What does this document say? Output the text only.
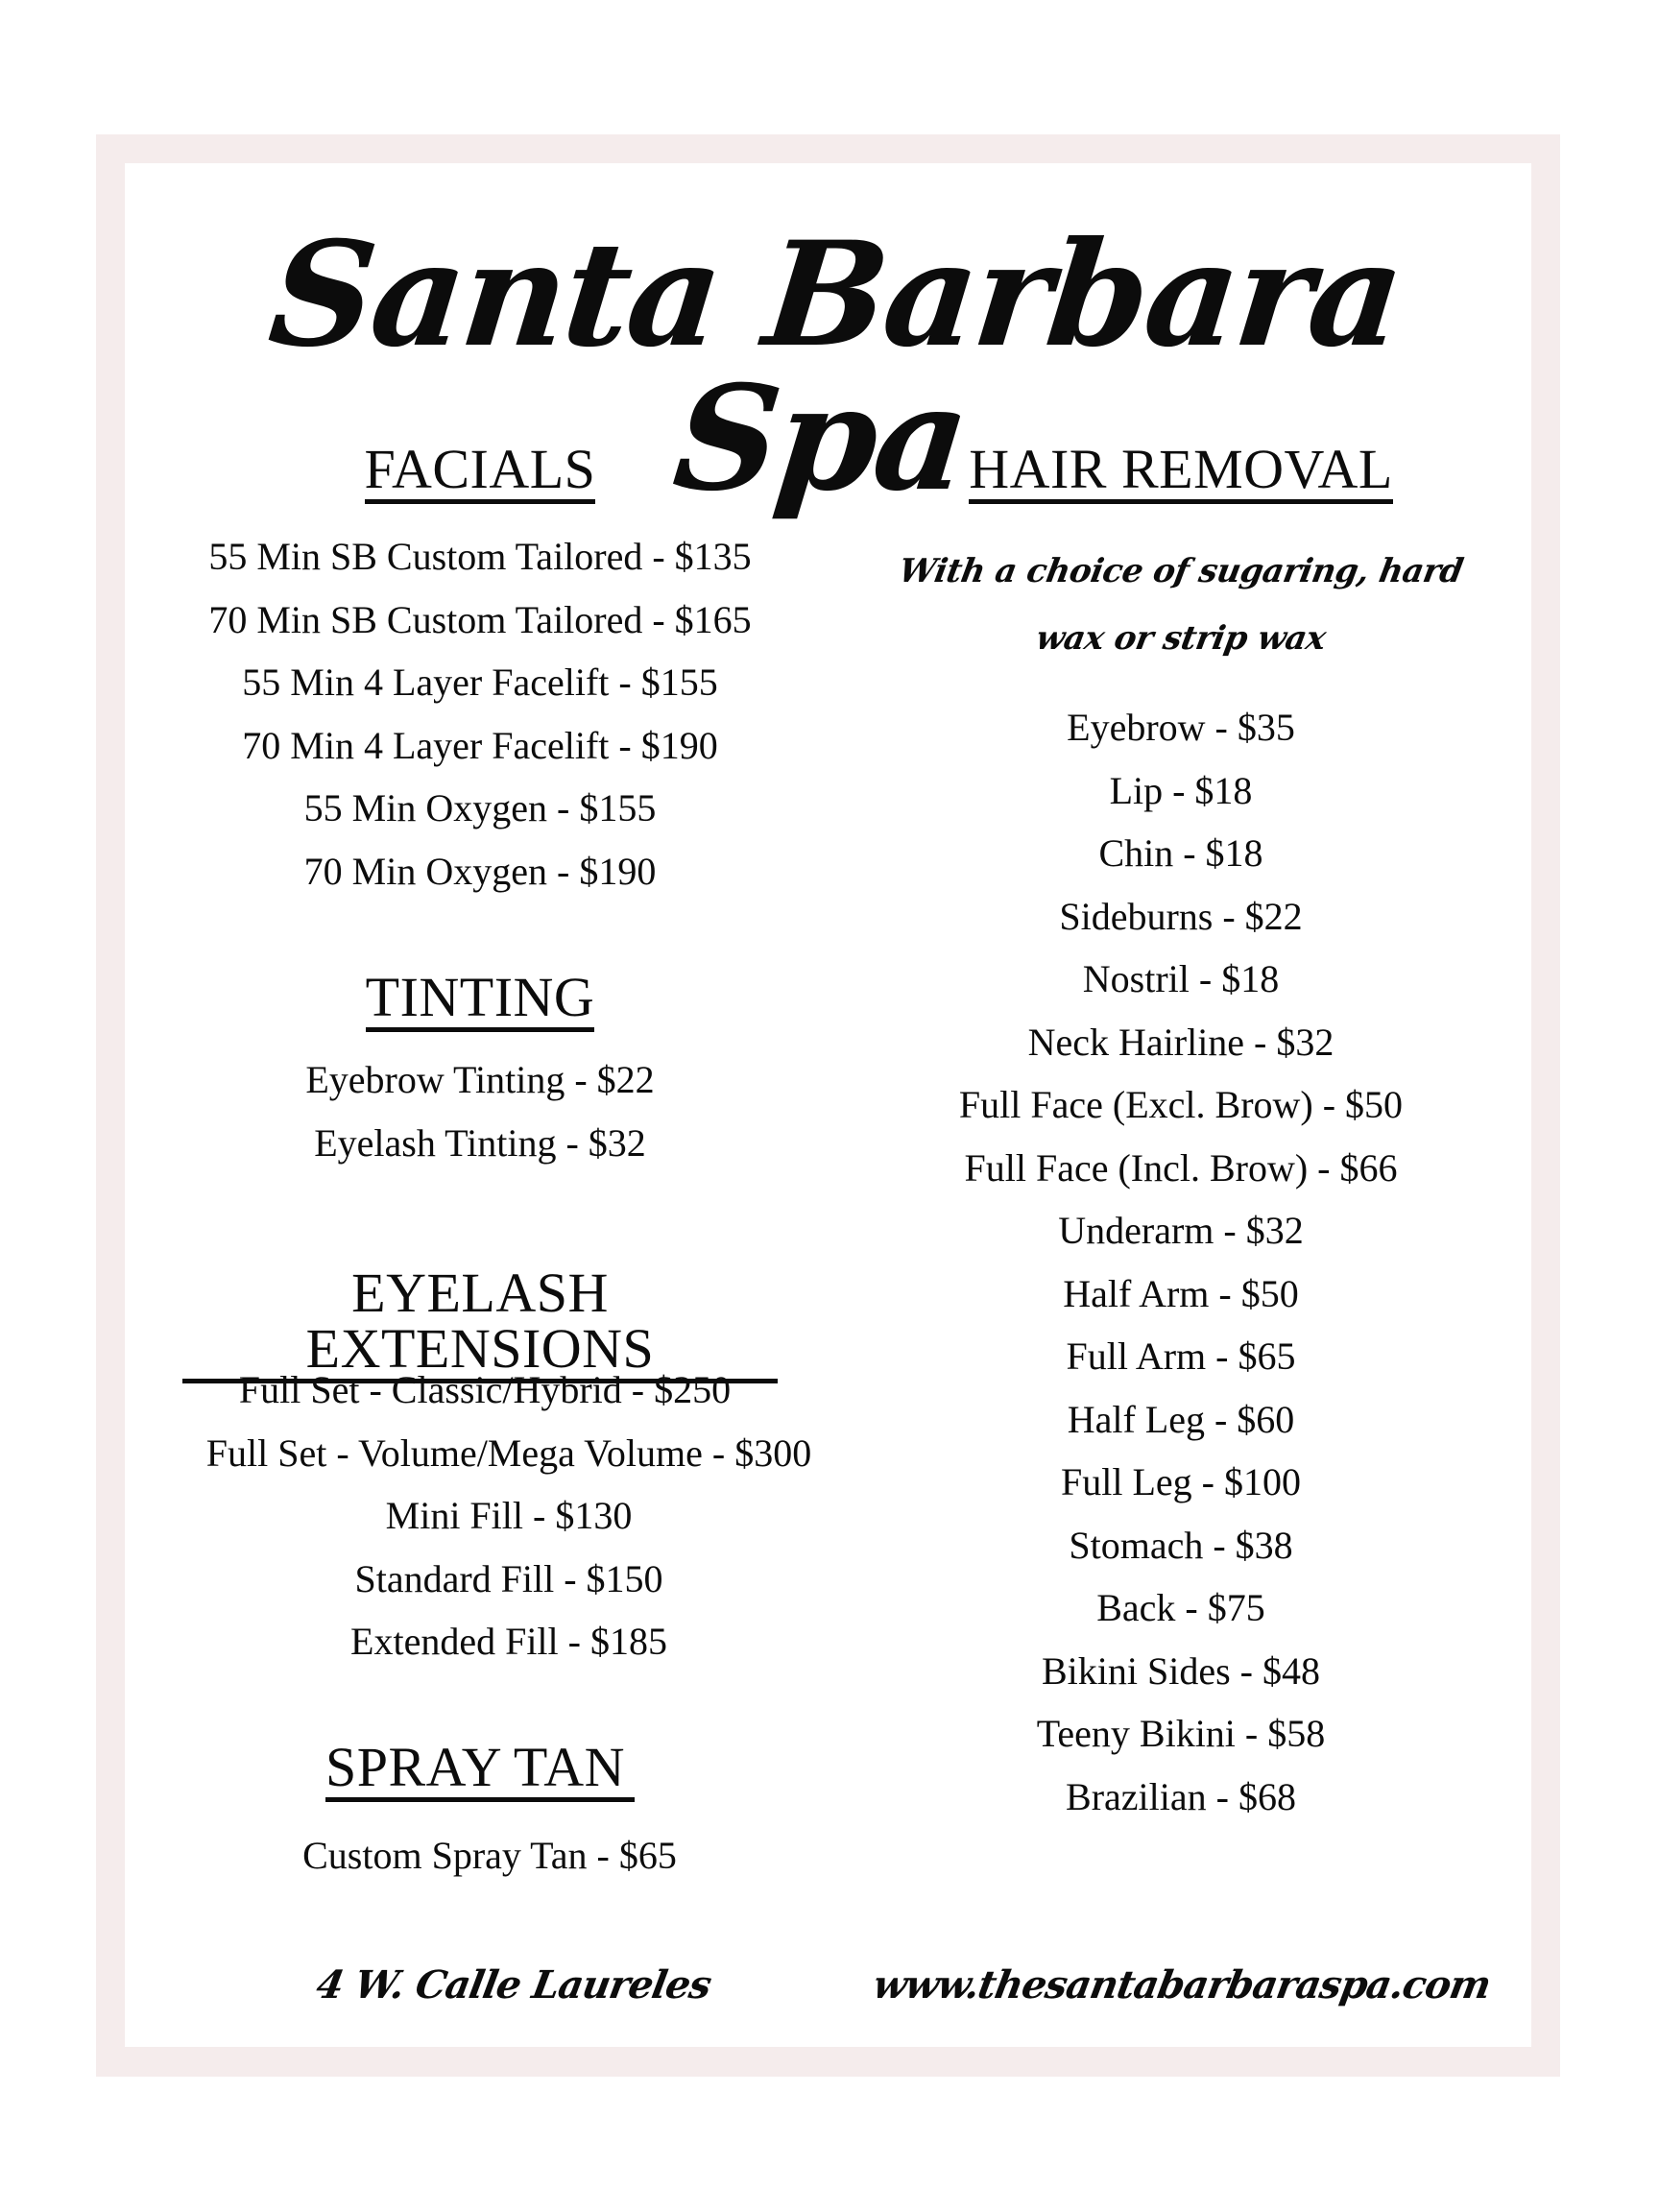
Santa Barbara Spa
FACIALS
55 Min SB Custom Tailored - $135
70 Min SB Custom Tailored - $165
55 Min 4 Layer Facelift - $155
70 Min 4 Layer Facelift - $190
55 Min Oxygen - $155
70 Min Oxygen - $190
TINTING
Eyebrow Tinting - $22
Eyelash Tinting - $32
EYELASH EXTENSIONS
Full Set - Classic/Hybrid - $250
Full Set - Volume/Mega Volume - $300
Mini Fill - $130
Standard Fill - $150
Extended Fill - $185
SPRAY TAN
Custom Spray Tan - $65
HAIR REMOVAL
With a choice of sugaring, hard
wax or strip wax
Eyebrow - $35
Lip - $18
Chin - $18
Sideburns - $22
Nostril - $18
Neck Hairline - $32
Full Face (Excl. Brow) - $50
Full Face (Incl. Brow) - $66
Underarm - $32
Half Arm - $50
Full Arm - $65
Half Leg - $60
Full Leg - $100
Stomach - $38
Back - $75
Bikini Sides - $48
Teeny Bikini - $58
Brazilian - $68
4 W. Calle Laureles	www.thesantabarbaraspa.com
